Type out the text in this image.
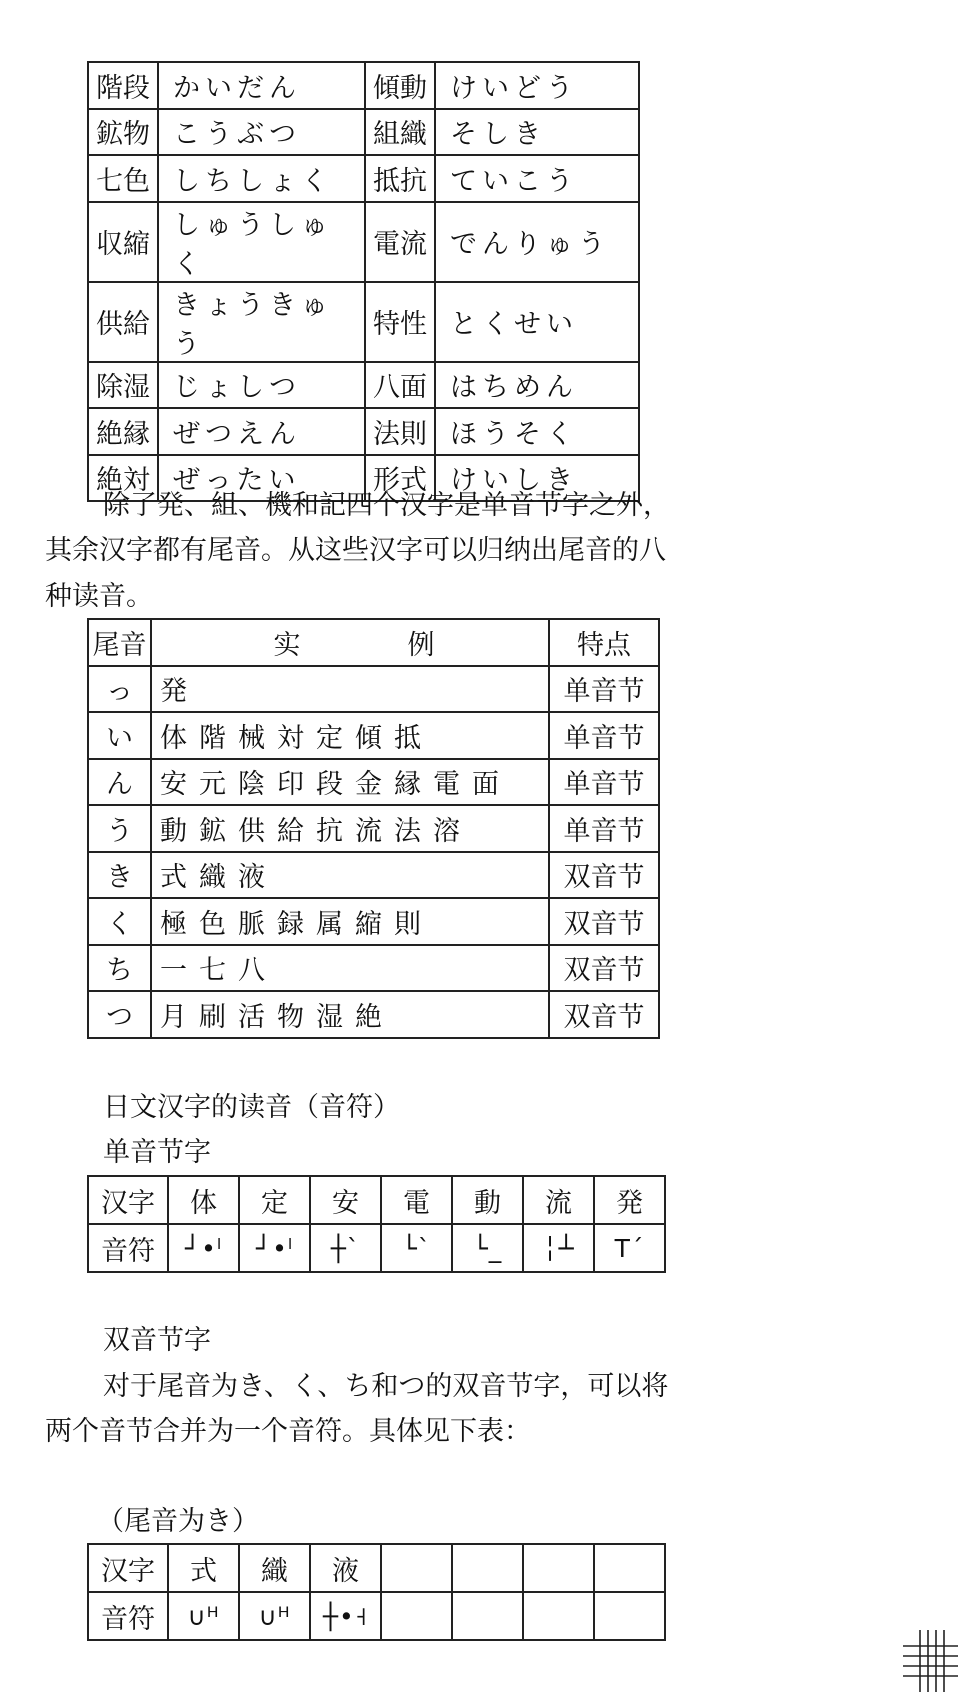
階段	かいだん	傾動	けいどう
鉱物	こうぶつ	組織	そしき
七色	しちしょく	抵抗	ていこう
収縮	しゅうしゅく	電流	でんりゅう
供給	きょうきゅう	特性	とくせい
除湿	じょしつ	八面	はちめん
絶縁	ぜつえん	法則	ほうそく
絶対	ぜったい	形式	けいしき

除了発、組、機和記四个汉字是单音节字之外，

其余汉字都有尾音。从这些汉字可以归纳出尾音的八

种读音。

尾音	实 例	特点
っ	発	单音节
い	体階械対定傾抵	单音节
ん	安元陰印段金縁電面	单音节
う	動鉱供給抗流法溶	单音节
き	式織液	双音节
く	極色脈録属縮則	双音节
ち	一七八	双音节
つ	月刷活物湿絶	双音节

日文汉字的读音（音符）

单音节字

汉字	体	定	安	電	動	流	発
音符	┘•ˡ	┘•ˡ	┼ˋ	└ˋ	└_	╎┴	Tˊ

双音节字

对于尾音为き、く、ち和つ的双音节字，可以将

两个音节合并为一个音符。具体见下表：

（尾音为き）

汉字	式	織	液				
音符	∪ᴴ	∪ᴴ	┼•˧				
